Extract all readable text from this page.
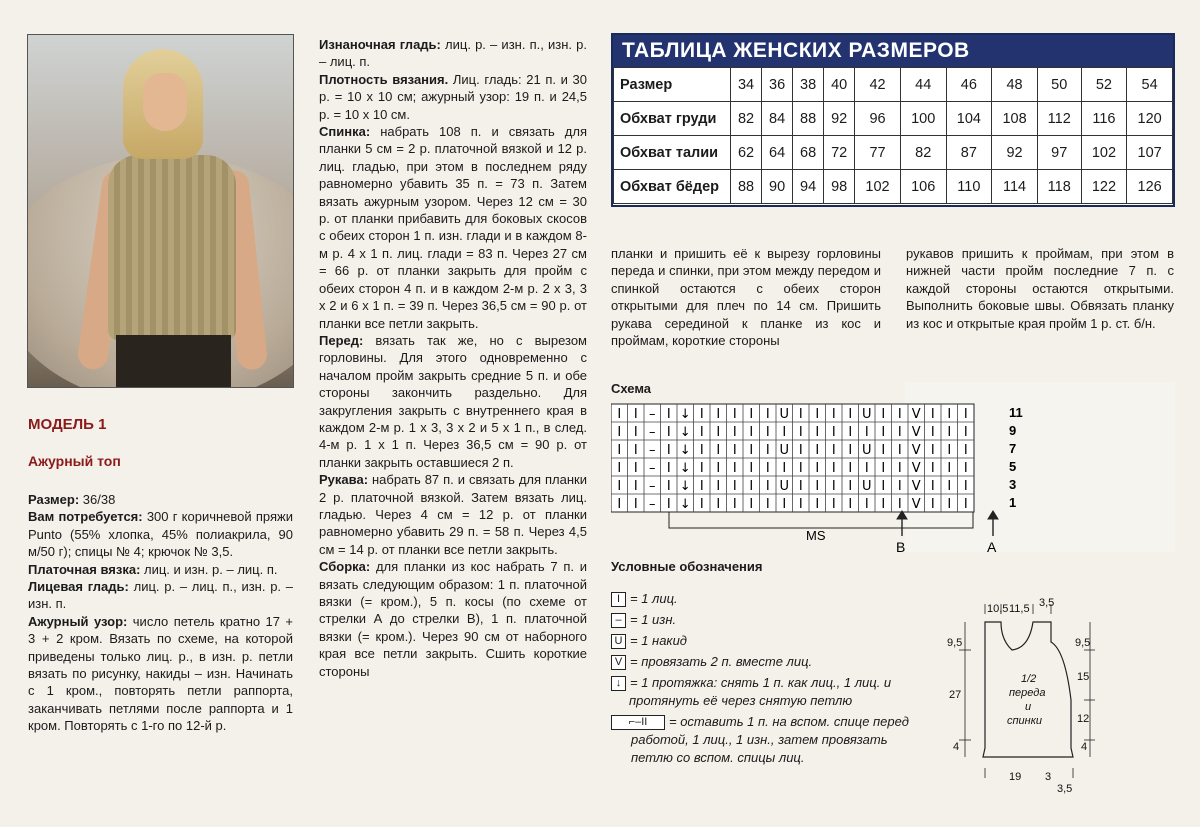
МОДЕЛЬ 1
Ажурный топ

Размер: 36/38

Вам потребуется: 300 г коричневой пряжи Punto (55% хлопка, 45% полиакрила, 90 м/50 г); спицы № 4; крючок № 3,5.

Платочная вязка: лиц. и изн. р. – лиц. п.

Лицевая гладь: лиц. р. – лиц. п., изн. р. – изн. п.

Ажурный узор: число петель кратно 17 + 3 + 2 кром. Вязать по схеме, на которой приведены только лиц. р., в изн. р. петли вязать по рисунку, накиды – изн. Начинать с 1 кром., повторять петли раппорта, заканчивать петлями после раппорта и 1 кром. Повторять с 1-го по 12-й р.

Изнаночная гладь: лиц. р. – изн. п., изн. р. – лиц. п.

Плотность вязания. Лиц. гладь: 21 п. и 30 р. = 10 х 10 см; ажурный узор: 19 п. и 24,5 р. = 10 х 10 см.

Спинка: набрать 108 п. и связать для планки 5 см = 2 р. платочной вязкой и 12 р. лиц. гладью, при этом в последнем ряду равномерно убавить 35 п. = 73 п. Затем вязать ажурным узором. Через 12 см = 30 р. от планки прибавить для боковых скосов с обеих сторон 1 п. изн. глади и в каждом 8-м р. 4 х 1 п. лиц. глади = 83 п. Через 27 см = 66 р. от планки закрыть для пройм с обеих сторон 4 п. и в каждом 2-м р. 2 х 3, 3 х 2 и 6 х 1 п. = 39 п. Через 36,5 см = 90 р. от планки все петли закрыть.

Перед: вязать так же, но с вырезом горловины. Для этого одновременно с началом пройм закрыть средние 5 п. и обе стороны закончить раздельно. Для закругления закрыть с внутреннего края в каждом 2-м р. 1 х 3, 3 х 2 и 5 х 1 п., в след. 4-м р. 1 х 1 п. Через 36,5 см = 90 р. от планки закрыть оставшиеся 2 п.

Рукава: набрать 87 п. и связать для планки 2 р. платочной вязкой. Затем вязать лиц. гладью. Через 4 см = 12 р. от планки равномерно убавить 29 п. = 58 п. Через 4,5 см = 14 р. от планки все петли закрыть.

Сборка: для планки из кос набрать 7 п. и вязать следующим образом: 1 п. платочной вязки (= кром.), 5 п. косы (по схеме от стрелки А до стрелки В), 1 п. платочной вязки (= кром.). Через 90 см от наборного края все петли закрыть. Сшить короткие стороны

ТАБЛИЦА ЖЕНСКИХ РАЗМЕРОВ
Размер	34	36	38	40	42	44	46	48	50	52	54
Обхват груди	82	84	88	92	96	100	104	108	112	116	120
Обхват талии	62	64	68	72	77	82	87	92	97	102	107
Обхват бёдер	88	90	94	98	102	106	110	114	118	122	126

планки и пришить её к вырезу горловины переда и спинки, при этом между передом и спинкой остаются с обеих сторон открытыми для плеч по 14 см. Пришить рукава серединой к планке из кос и проймам, короткие стороны

рукавов пришить к проймам, при этом в нижней части пройм последние 7 п. с каждой стороны остаются открытыми. Выполнить боковые швы. Обвязать планку из кос и открытые края пройм 1 р. ст. б/н.

Схема
I I – I ↓ I I I I I U I I I I U I I V I I I
I I – I ↓ I I I I I I I I I I I I I V I I I
I I – I ↓ I I I I I U I I I I U I I V I I I
I I – I ↓ I I I I I I I I I I I I I V I I I
I I – I ↓ I I I I I U I I I I U I I V I I I
I I – I ↓ I I I I I I I I I I I I I V I I I
11
9
7
5
3
1
MS
B	A
Условные обозначения
I = 1 лиц.
– = 1 изн.
U = 1 накид
V = провязать 2 п. вместе лиц.
↓ = 1 протяжка: снять 1 п. как лиц., 1 лиц. и протянуть её через снятую петлю
⌐–II = оставить 1 п. на вспом. спице перед работой, 1 лиц., 1 изн., затем провязать петлю со вспом. спицы лиц.
10,5 11,5 3,5
9,5
27
4
9,5
15
12
4
19 3
3,5
1/2
переда
и
спинки
